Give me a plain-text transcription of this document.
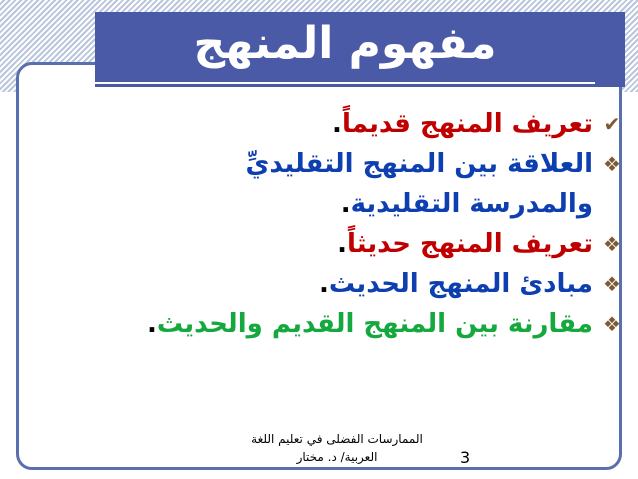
مفهوم المنهج
✔
تعريف المنهج قديماً.
❖
العلاقة بين المنهج التقليديِّ والمدرسة التقليدية.
❖
تعريف المنهج حديثاً.
❖
مبادئ المنهج الحديث.
❖
مقارنة بين المنهج القديم والحديث.
الممارسات الفضلى في تعليم اللغة
العربية/ د. مختار	3
